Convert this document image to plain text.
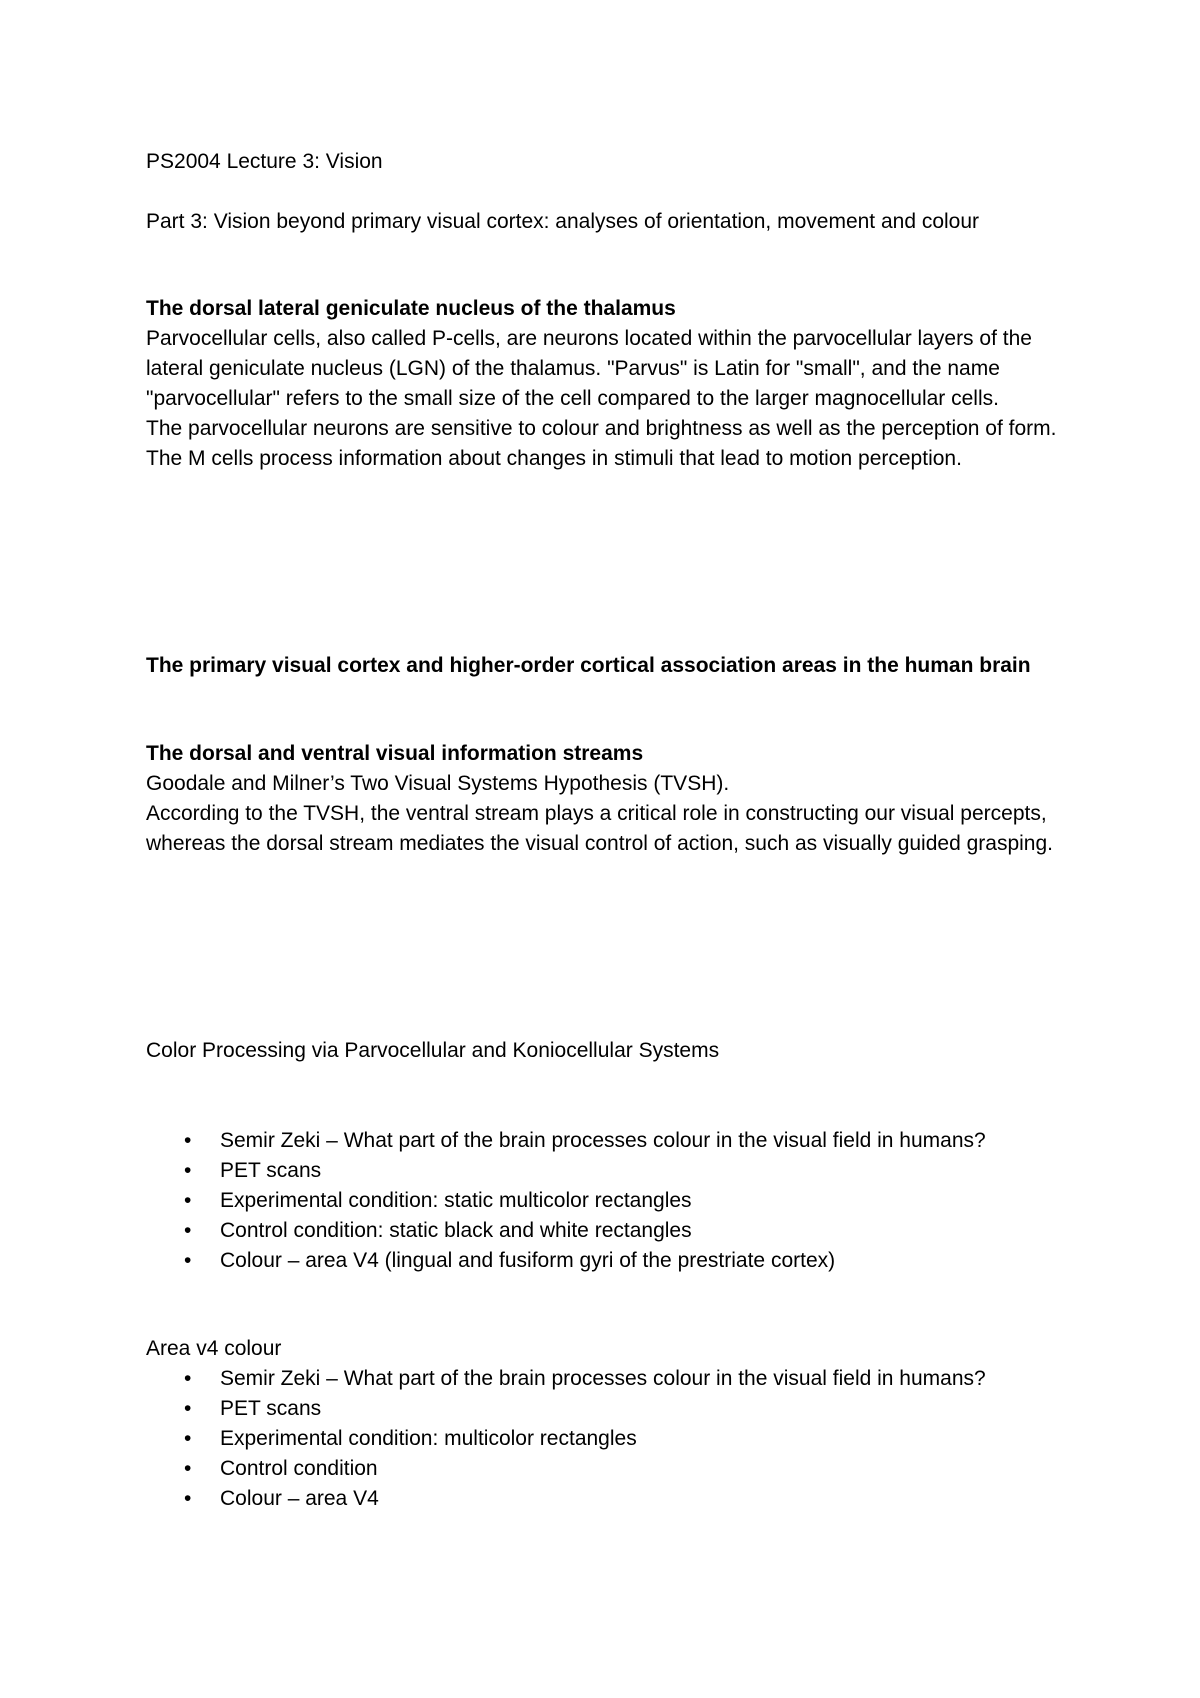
PS2004 Lecture 3: Vision
Part 3: Vision beyond primary visual cortex: analyses of orientation, movement and colour
The dorsal lateral geniculate nucleus of the thalamus

Parvocellular cells, also called P-cells, are neurons located within the parvocellular layers of the lateral geniculate nucleus (LGN) of the thalamus. "Parvus" is Latin for "small", and the name "parvocellular" refers to the small size of the cell compared to the larger magnocellular cells.

The parvocellular neurons are sensitive to colour and brightness as well as the perception of form.

The M cells process information about changes in stimuli that lead to motion perception.

The primary visual cortex and higher-order cortical association areas in the human brain
The dorsal and ventral visual information streams

Goodale and Milner’s Two Visual Systems Hypothesis (TVSH).

According to the TVSH, the ventral stream plays a critical role in constructing our visual percepts, whereas the dorsal stream mediates the visual control of action, such as visually guided grasping.

Color Processing via Parvocellular and Koniocellular Systems
• Semir Zeki – What part of the brain processes colour in the visual field in humans?
• PET scans
• Experimental condition: static multicolor rectangles
• Control condition: static black and white rectangles
• Colour – area V4 (lingual and fusiform gyri of the prestriate cortex)
Area v4 colour
• Semir Zeki – What part of the brain processes colour in the visual field in humans?
• PET scans
• Experimental condition: multicolor rectangles
• Control condition
• Colour – area V4
